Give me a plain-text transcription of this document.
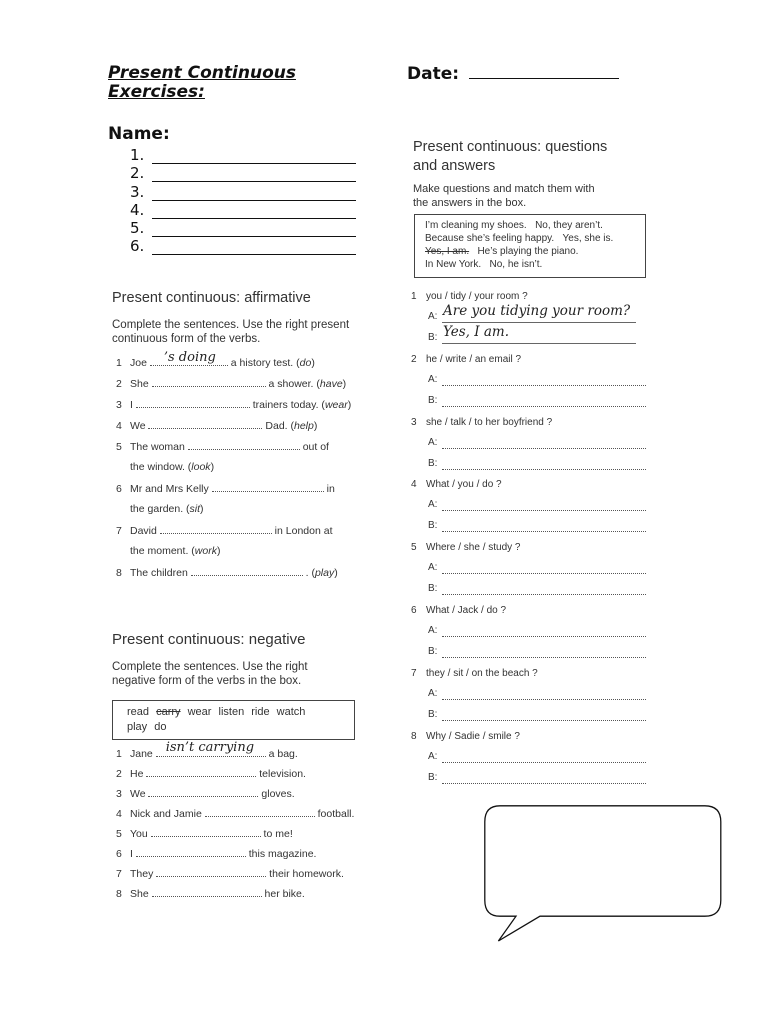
Present Continuous
Exercises:
Date:
Name:
1.
2.
3.
4.
5.
6.
Present continuous: affirmative
Complete the sentences. Use the right present
continuous form of the verbs.
1 Joe ’s doing a history test. (do)
2 She	a shower. (have)
3 I	trainers today. (wear)
4 We	Dad. (help)
5 The woman	out of
the window. (look)
6 Mr and Mrs Kelly	in
the garden. (sit)
7 David	in London at
the moment. (work)
8 The children	. (play)
Present continuous: negative
Complete the sentences. Use the right
negative form of the verbs in the box.
read carry wear listen ride watch
play do
1 Jane isn’t carrying a bag.
2 He	television.
3 We	gloves.
4 Nick and Jamie	football.
5 You	to me!
6 I	this magazine.
7 They	their homework.
8 She	her bike.
Present continuous: questions
and answers
Make questions and match them with
the answers in the box.
I’m cleaning my shoes. No, they aren’t.
Because she’s feeling happy. Yes, she is.
Yes, I am. He’s playing the piano.
In New York. No, he isn’t.
1 you / tidy / your room ?
A: Are you tidying your room?
B: Yes, I am.
2 he / write / an email ?
A:
B:
3 she / talk / to her boyfriend ?
A:
B:
4 What / you / do ?
A:
B:
5 Where / she / study ?
A:
B:
6 What / Jack / do ?
A:
B:
7 they / sit / on the beach ?
A:
B:
8 Why / Sadie / smile ?
A:
B:
